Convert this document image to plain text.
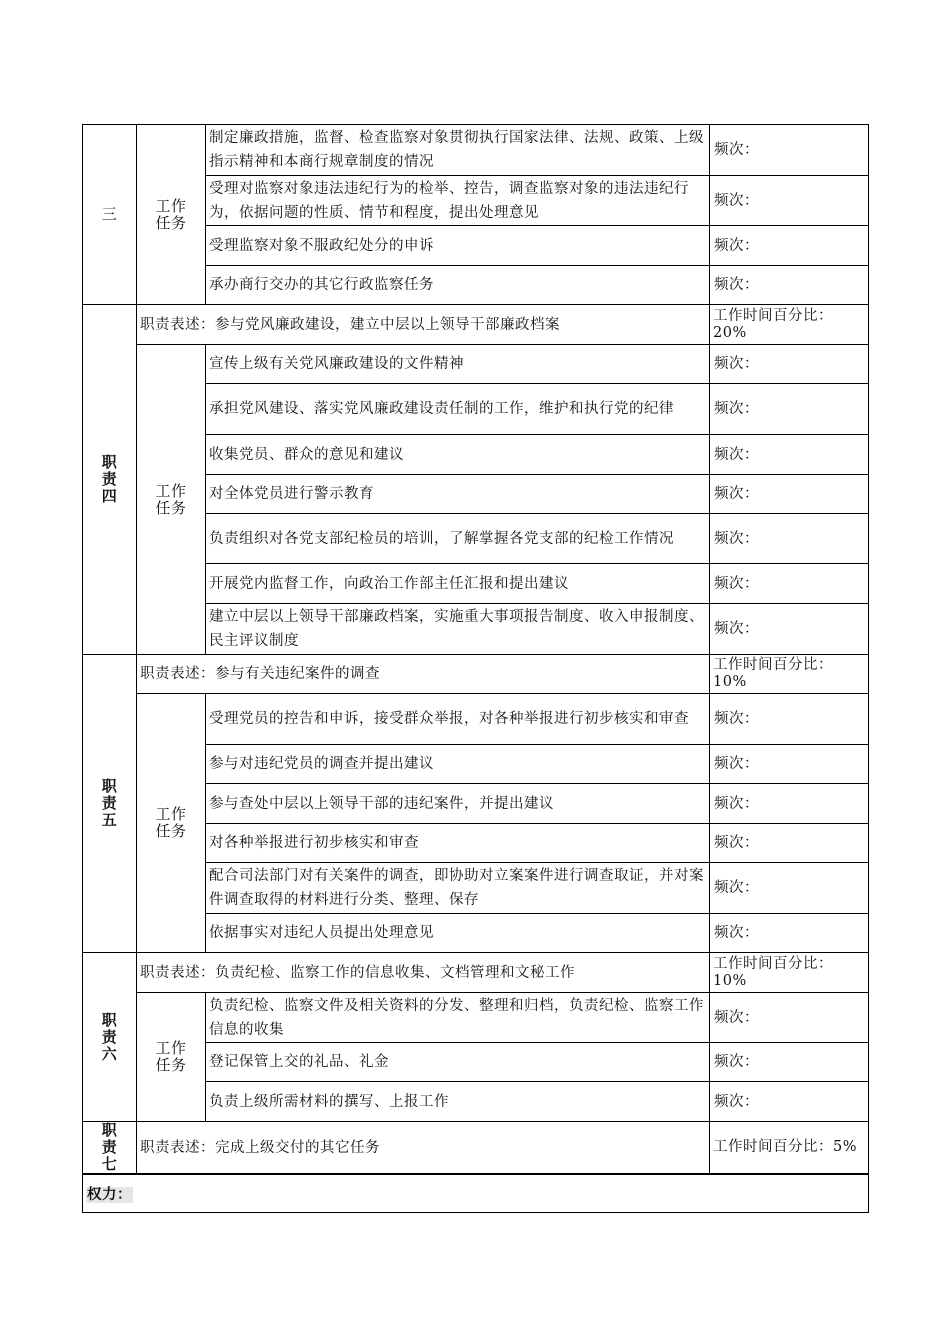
三	工作任务	制定廉政措施，监督、检查监察对象贯彻执行国家法律、法规、政策、上级指示精神和本商行规章制度的情况	频次：
		受理对监察对象违法违纪行为的检举、控告，调查监察对象的违法违纪行为，依据问题的性质、情节和程度，提出处理意见	频次：
		受理监察对象不服政纪处分的申诉	频次：
		承办商行交办的其它行政监察任务	频次：

职责四	职责表述：参与党风廉政建设，建立中层以上领导干部廉政档案		工作时间百分比：20%
	工作任务	宣传上级有关党风廉政建设的文件精神	频次：
		承担党风建设、落实党风廉政建设责任制的工作，维护和执行党的纪律	频次：
		收集党员、群众的意见和建议	频次：
		对全体党员进行警示教育	频次：
		负责组织对各党支部纪检员的培训，了解掌握各党支部的纪检工作情况	频次：
		开展党内监督工作，向政治工作部主任汇报和提出建议	频次：
		建立中层以上领导干部廉政档案，实施重大事项报告制度、收入申报制度、民主评议制度	频次：

职责五	职责表述：参与有关违纪案件的调查		工作时间百分比：10%
	工作任务	受理党员的控告和申诉，接受群众举报，对各种举报进行初步核实和审查	频次：
		参与对违纪党员的调查并提出建议	频次：
		参与查处中层以上领导干部的违纪案件，并提出建议	频次：
		对各种举报进行初步核实和审查	频次：
		配合司法部门对有关案件的调查，即协助对立案案件进行调查取证，并对案件调查取得的材料进行分类、整理、保存	频次：
		依据事实对违纪人员提出处理意见	频次：

职责六	职责表述：负责纪检、监察工作的信息收集、文档管理和文秘工作		工作时间百分比：10%
	工作任务	负责纪检、监察文件及相关资料的分发、整理和归档，负责纪检、监察工作信息的收集	频次：
		登记保管上交的礼品、礼金	频次：
		负责上级所需材料的撰写、上报工作	频次：

职责七	职责表述：完成上级交付的其它任务		工作时间百分比：5%
权力：			
